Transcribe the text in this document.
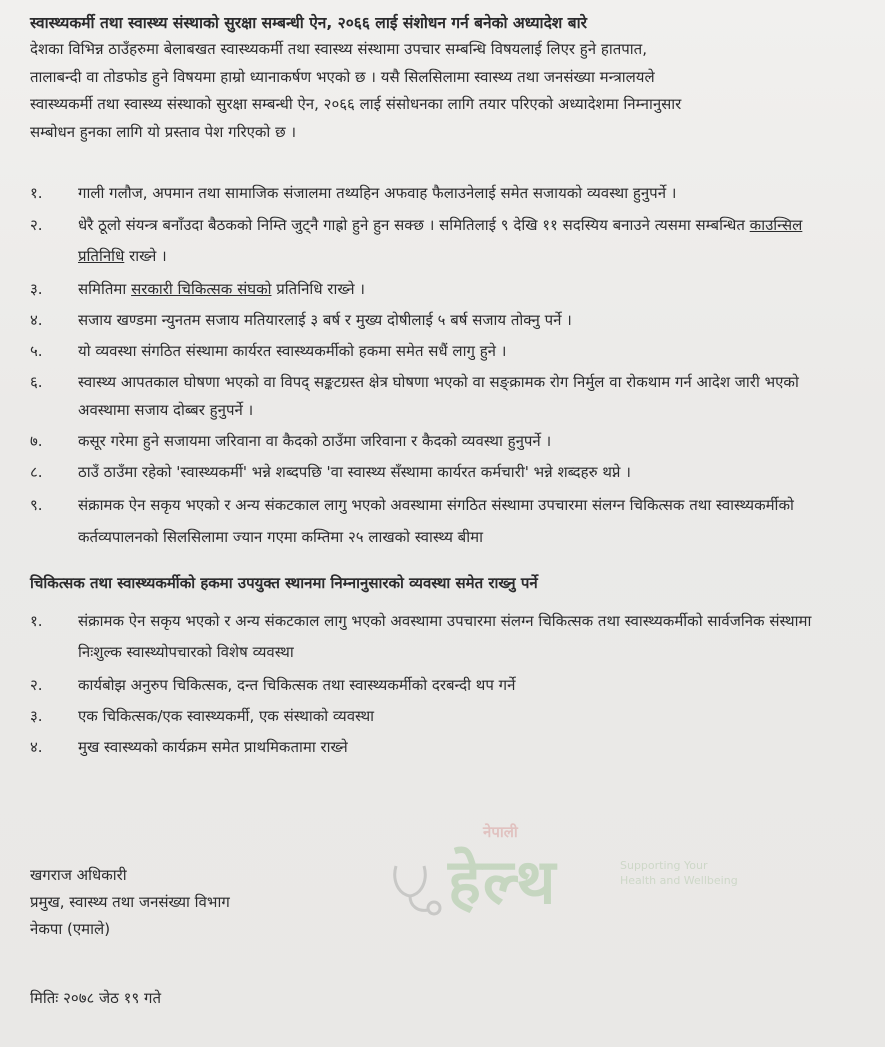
स्वास्थ्यकर्मी तथा स्वास्थ्य संस्थाको सुरक्षा सम्बन्धी ऐन, २०६६ लाई संशोधन गर्न बनेको अध्यादेश बारे
देशका विभिन्न ठाउँहरुमा बेलाबखत स्वास्थ्यकर्मी तथा स्वास्थ्य संस्थामा उपचार सम्बन्धि विषयलाई लिएर हुने हातपात,
तालाबन्दी वा तोडफोड हुने विषयमा हाम्रो ध्यानाकर्षण भएको छ । यसै सिलसिलामा स्वास्थ्य तथा जनसंख्या मन्त्रालयले
स्वास्थ्यकर्मी तथा स्वास्थ्य संस्थाको सुरक्षा सम्बन्धी ऐन, २०६६ लाई संसोधनका लागि तयार परिएको अध्यादेशमा निम्नानुसार
सम्बोधन हुनका लागि यो प्रस्ताव पेश गरिएको छ ।
१.	गाली गलौज, अपमान तथा सामाजिक संजालमा तथ्यहिन अफवाह फैलाउनेलाई समेत सजायको व्यवस्था हुनुपर्ने ।
२.	धेरै ठूलो संयन्त्र बनाँउदा बैठकको निम्ति जुट्नै गाह्रो हुने हुन सक्छ । समितिलाई ९ देखि ११ सदस्यिय बनाउने त्यसमा सम्बन्धित काउन्सिल प्रतिनिधि राख्ने ।
३.	समितिमा सरकारी चिकित्सक संघको प्रतिनिधि राख्ने ।
४.	सजाय खण्डमा न्युनतम सजाय मतियारलाई ३ बर्ष र मुख्य दोषीलाई ५ बर्ष सजाय तोक्नु पर्ने ।
५.	यो व्यवस्था संगठित संस्थामा कार्यरत स्वास्थ्यकर्मीको हकमा समेत सधैं लागु हुने ।
६.	स्वास्थ्य आपतकाल घोषणा भएको वा विपद् सङ्कटग्रस्त क्षेत्र घोषणा भएको वा सङ्क्रामक रोग निर्मुल वा रोकथाम गर्न आदेश जारी भएको अवस्थामा सजाय दोब्बर हुनुपर्ने ।
७.	कसूर गरेमा हुने सजायमा जरिवाना वा कैदको ठाउँमा जरिवाना र कैदको व्यवस्था हुनुपर्ने ।
८.	ठाउँ ठाउँमा रहेको 'स्वास्थ्यकर्मी' भन्ने शब्दपछि 'वा स्वास्थ्य सँस्थामा कार्यरत कर्मचारी' भन्ने शब्दहरु थप्ने ।
९.	संक्रामक ऐन सकृय भएको र अन्य संकटकाल लागु भएको अवस्थामा संगठित संस्थामा उपचारमा संलग्न चिकित्सक तथा स्वास्थ्यकर्मीको कर्तव्यपालनको सिलसिलामा ज्यान गएमा कम्तिमा २५ लाखको स्वास्थ्य बीमा
चिकित्सक तथा स्वास्थ्यकर्मीको हकमा उपयुक्त स्थानमा निम्नानुसारको व्यवस्था समेत राख्नु पर्ने
१.	संक्रामक ऐन सकृय भएको र अन्य संकटकाल लागु भएको अवस्थामा उपचारमा संलग्न चिकित्सक तथा स्वास्थ्यकर्मीको सार्वजनिक संस्थामा निःशुल्क स्वास्थ्योपचारको विशेष व्यवस्था
२.	कार्यबोझ अनुरुप चिकित्सक, दन्त चिकित्सक तथा स्वास्थ्यकर्मीको दरबन्दी थप गर्ने
३.	एक चिकित्सक/एक स्वास्थ्यकर्मी, एक संस्थाको व्यवस्था
४.	मुख स्वास्थ्यको कार्यक्रम समेत प्राथमिकतामा राख्ने
नेपाली
हेल्थ	Supporting Your
Health and Wellbeing
खगराज अधिकारी
प्रमुख, स्वास्थ्य तथा जनसंख्या विभाग
नेकपा (एमाले)
मितिः २०७८ जेठ १९ गते
